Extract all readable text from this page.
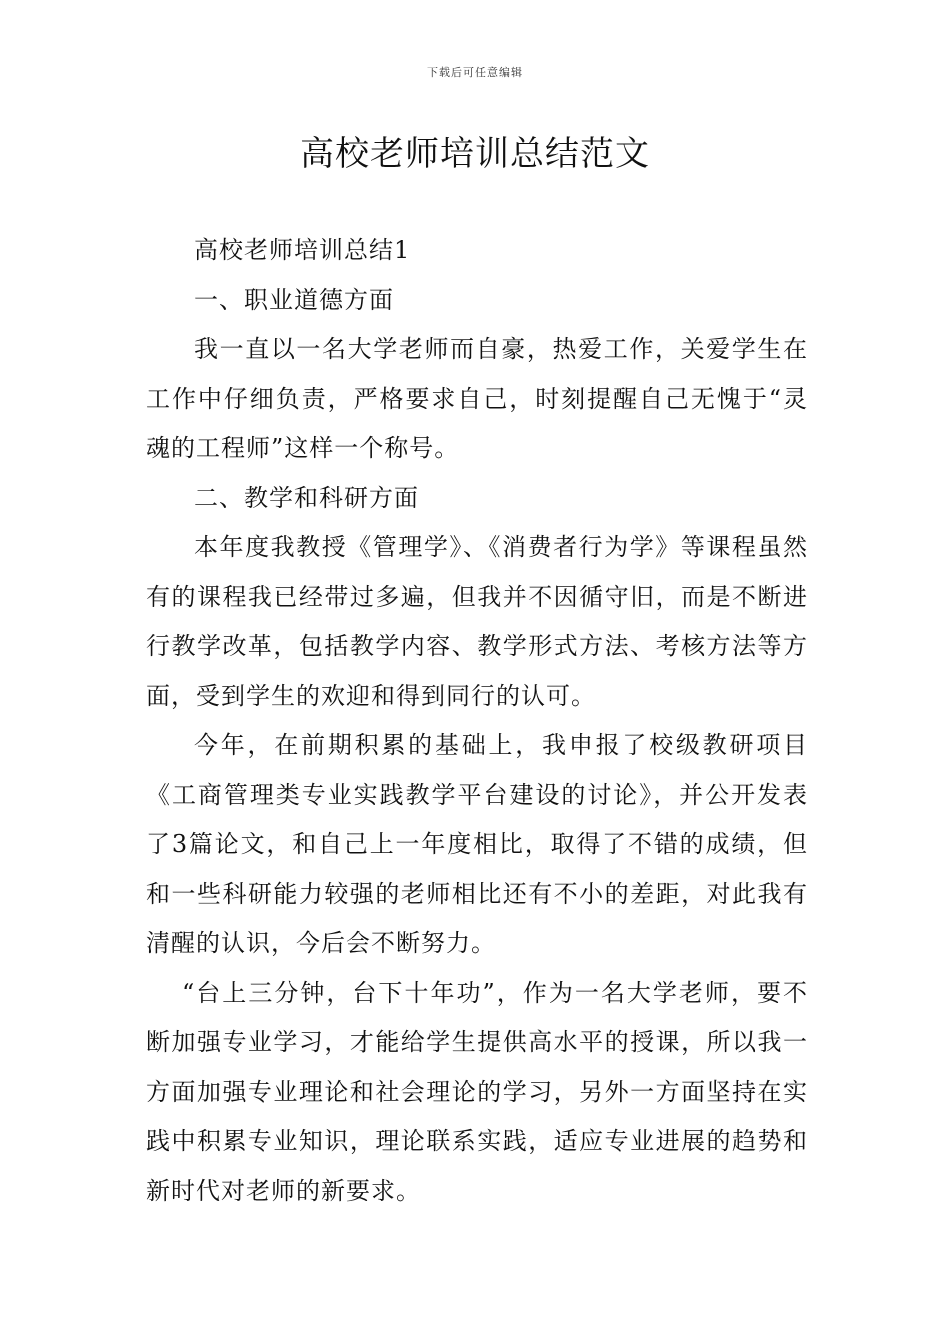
下载后可任意编辑
高校老师培训总结范文

高校老师培训总结1

一、职业道德方面

我一直以一名大学老师而自豪，热爱工作，关爱学生在工作中仔细负责，严格要求自己，时刻提醒自己无愧于“灵魂的工程师”这样一个称号。

二、教学和科研方面

本年度我教授《管理学》、《消费者行为学》等课程虽然有的课程我已经带过多遍，但我并不因循守旧，而是不断进行教学改革，包括教学内容、教学形式方法、考核方法等方面，受到学生的欢迎和得到同行的认可。

今年，在前期积累的基础上，我申报了校级教研项目《工商管理类专业实践教学平台建设的讨论》，并公开发表了3篇论文，和自己上一年度相比，取得了不错的成绩，但和一些科研能力较强的老师相比还有不小的差距，对此我有清醒的认识，今后会不断努力。

“台上三分钟，台下十年功”，作为一名大学老师，要不断加强专业学习，才能给学生提供高水平的授课，所以我一方面加强专业理论和社会理论的学习，另外一方面坚持在实践中积累专业知识，理论联系实践，适应专业进展的趋势和新时代对老师的新要求。
